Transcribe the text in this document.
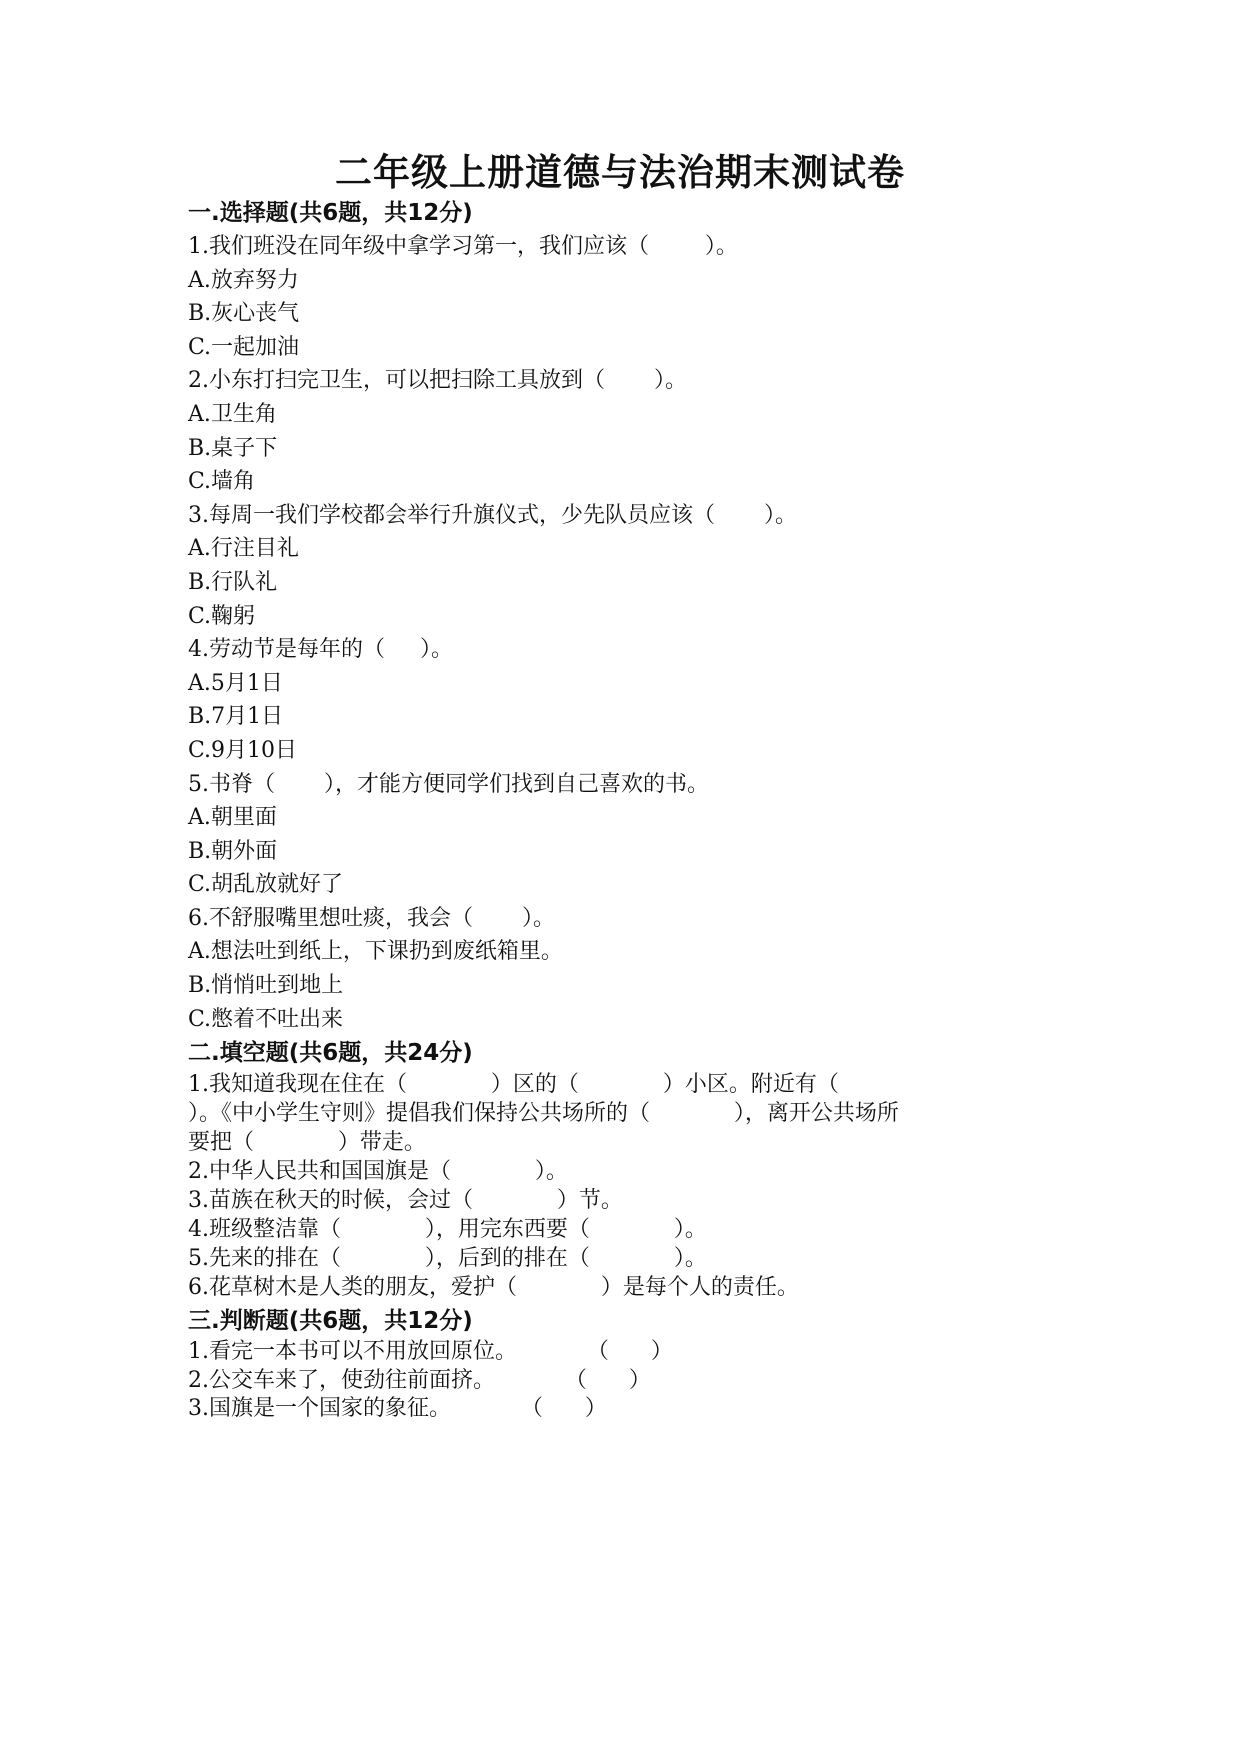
二年级上册道德与法治期末测试卷
一.选择题(共6题，共12分)
1.我们班没在同年级中拿学习第一，我们应该（        ）。
A.放弃努力
B.灰心丧气
C.一起加油
2.小东打扫完卫生，可以把扫除工具放到（       ）。
A.卫生角
B.桌子下
C.墙角
3.每周一我们学校都会举行升旗仪式，少先队员应该（       ）。
A.行注目礼
B.行队礼
C.鞠躬
4.劳动节是每年的（     ）。
A.5月1日
B.7月1日
C.9月10日
5.书脊（       ），才能方便同学们找到自己喜欢的书。
A.朝里面
B.朝外面
C.胡乱放就好了
6.不舒服嘴里想吐痰，我会（       ）。
A.想法吐到纸上，下课扔到废纸箱里。
B.悄悄吐到地上
C.憋着不吐出来
二.填空题(共6题，共24分)
1.我知道我现在住在（            ）区的（            ）小区。附近有（
）。《中小学生守则》提倡我们保持公共场所的（            ），离开公共场所
要把（            ）带走。
2.中华人民共和国国旗是（            ）。
3.苗族在秋天的时候，会过（            ）节。
4.班级整洁靠（            ），用完东西要（            ）。
5.先来的排在（            ），后到的排在（            ）。
6.花草树木是人类的朋友，爱护（            ）是每个人的责任。
三.判断题(共6题，共12分)
1.看完一本书可以不用放回原位。          （      ）
2.公交车来了，使劲往前面挤。          （      ）
3.国旗是一个国家的象征。          （      ）
